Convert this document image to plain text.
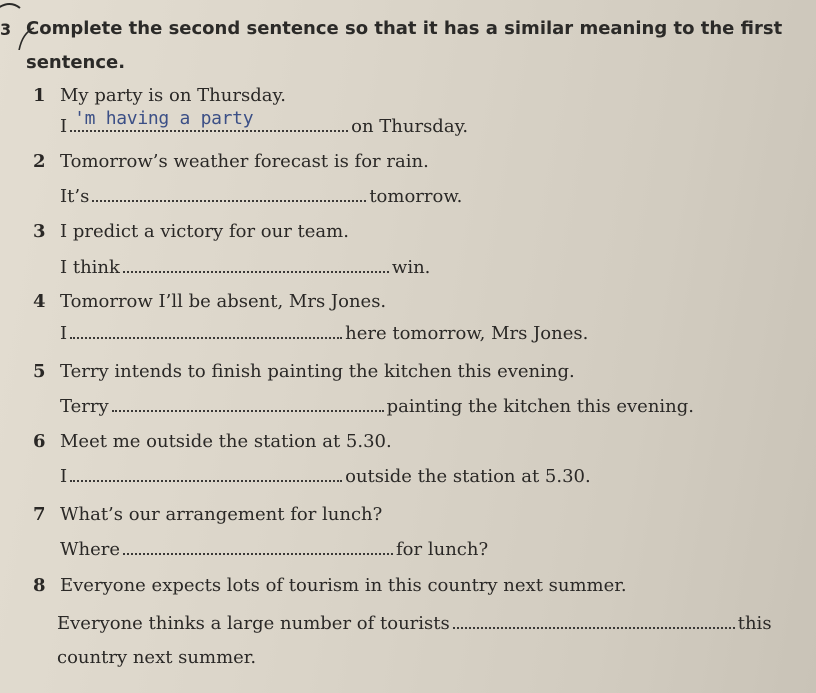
3 Complete the second sentence so that it has a similar meaning to the first
sentence.
1 My party is on Thursday.
I 'm having a party	on Thursday.
2 Tomorrow’s weather forecast is for rain.
It’s	tomorrow.
3 I predict a victory for our team.
I think	win.
4 Tomorrow I’ll be absent, Mrs Jones.
I	here tomorrow, Mrs Jones.
5 Terry intends to finish painting the kitchen this evening.
Terry	painting the kitchen this evening.
6 Meet me outside the station at 5.30.
I	outside the station at 5.30.
7 What’s our arrangement for lunch?
Where	for lunch?
8 Everyone expects lots of tourism in this country next summer.
Everyone thinks a large number of tourists	this
country next summer.
